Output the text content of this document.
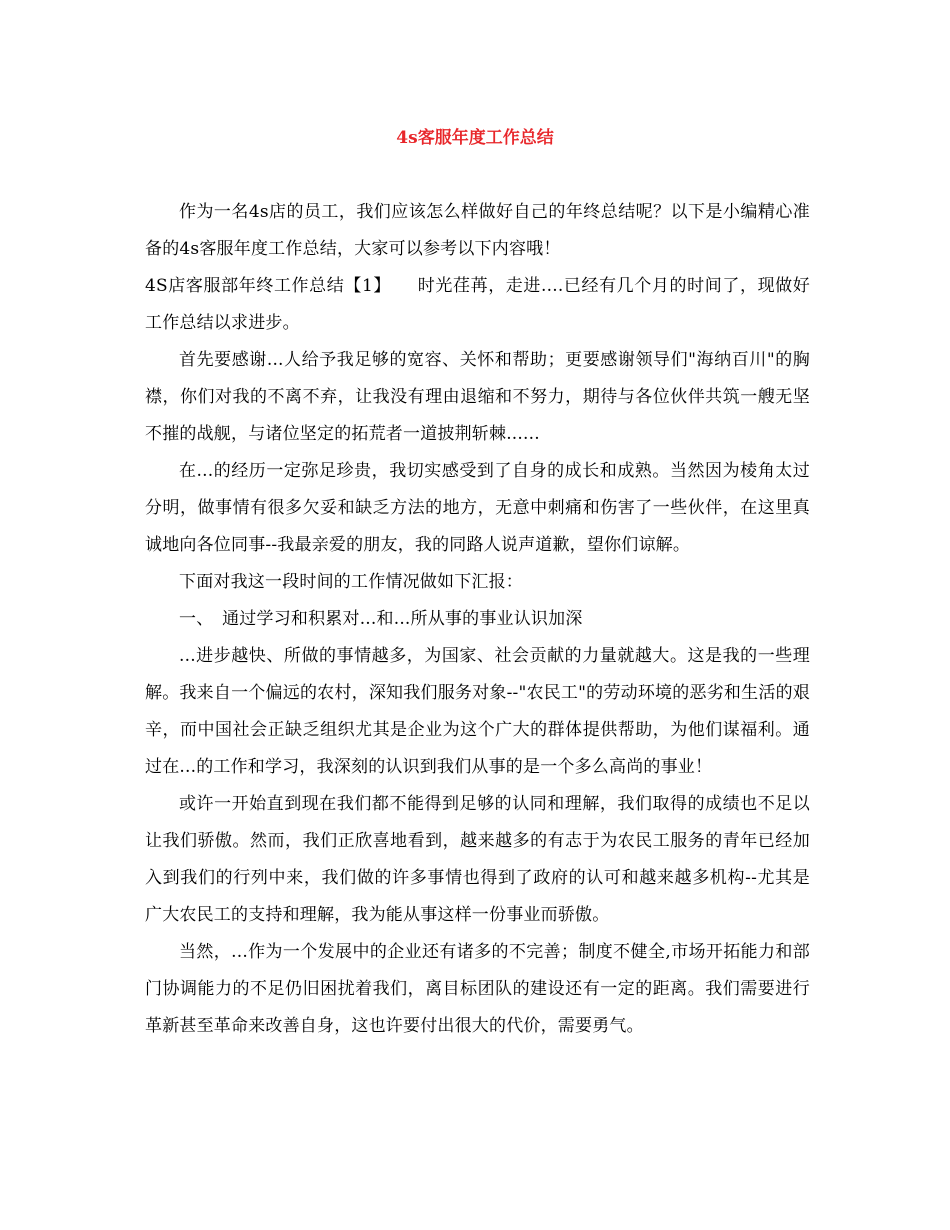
4s客服年度工作总结

作为一名4s店的员工，我们应该怎么样做好自己的年终总结呢？以下是小编精心准备的4s客服年度工作总结，大家可以参考以下内容哦！

4S店客服部年终工作总结【1】　　时光荏苒，走进....已经有几个月的时间了，现做好工作总结以求进步。

首先要感谢...人给予我足够的宽容、关怀和帮助；更要感谢领导们"海纳百川"的胸襟，你们对我的不离不弃，让我没有理由退缩和不努力，期待与各位伙伴共筑一艘无坚不摧的战舰，与诸位坚定的拓荒者一道披荆斩棘......

在...的经历一定弥足珍贵，我切实感受到了自身的成长和成熟。当然因为棱角太过分明，做事情有很多欠妥和缺乏方法的地方，无意中刺痛和伤害了一些伙伴，在这里真诚地向各位同事--我最亲爱的朋友，我的同路人说声道歉，望你们谅解。

下面对我这一段时间的工作情况做如下汇报：

一、　通过学习和积累对...和...所从事的事业认识加深

...进步越快、所做的事情越多，为国家、社会贡献的力量就越大。这是我的一些理解。我来自一个偏远的农村，深知我们服务对象--"农民工"的劳动环境的恶劣和生活的艰辛，而中国社会正缺乏组织尤其是企业为这个广大的群体提供帮助，为他们谋福利。通过在...的工作和学习，我深刻的认识到我们从事的是一个多么高尚的事业！

或许一开始直到现在我们都不能得到足够的认同和理解，我们取得的成绩也不足以让我们骄傲。然而，我们正欣喜地看到，越来越多的有志于为农民工服务的青年已经加入到我们的行列中来，我们做的许多事情也得到了政府的认可和越来越多机构--尤其是广大农民工的支持和理解，我为能从事这样一份事业而骄傲。

当然，...作为一个发展中的企业还有诸多的不完善；制度不健全,市场开拓能力和部门协调能力的不足仍旧困扰着我们，离目标团队的建设还有一定的距离。我们需要进行革新甚至革命来改善自身，这也许要付出很大的代价，需要勇气。
